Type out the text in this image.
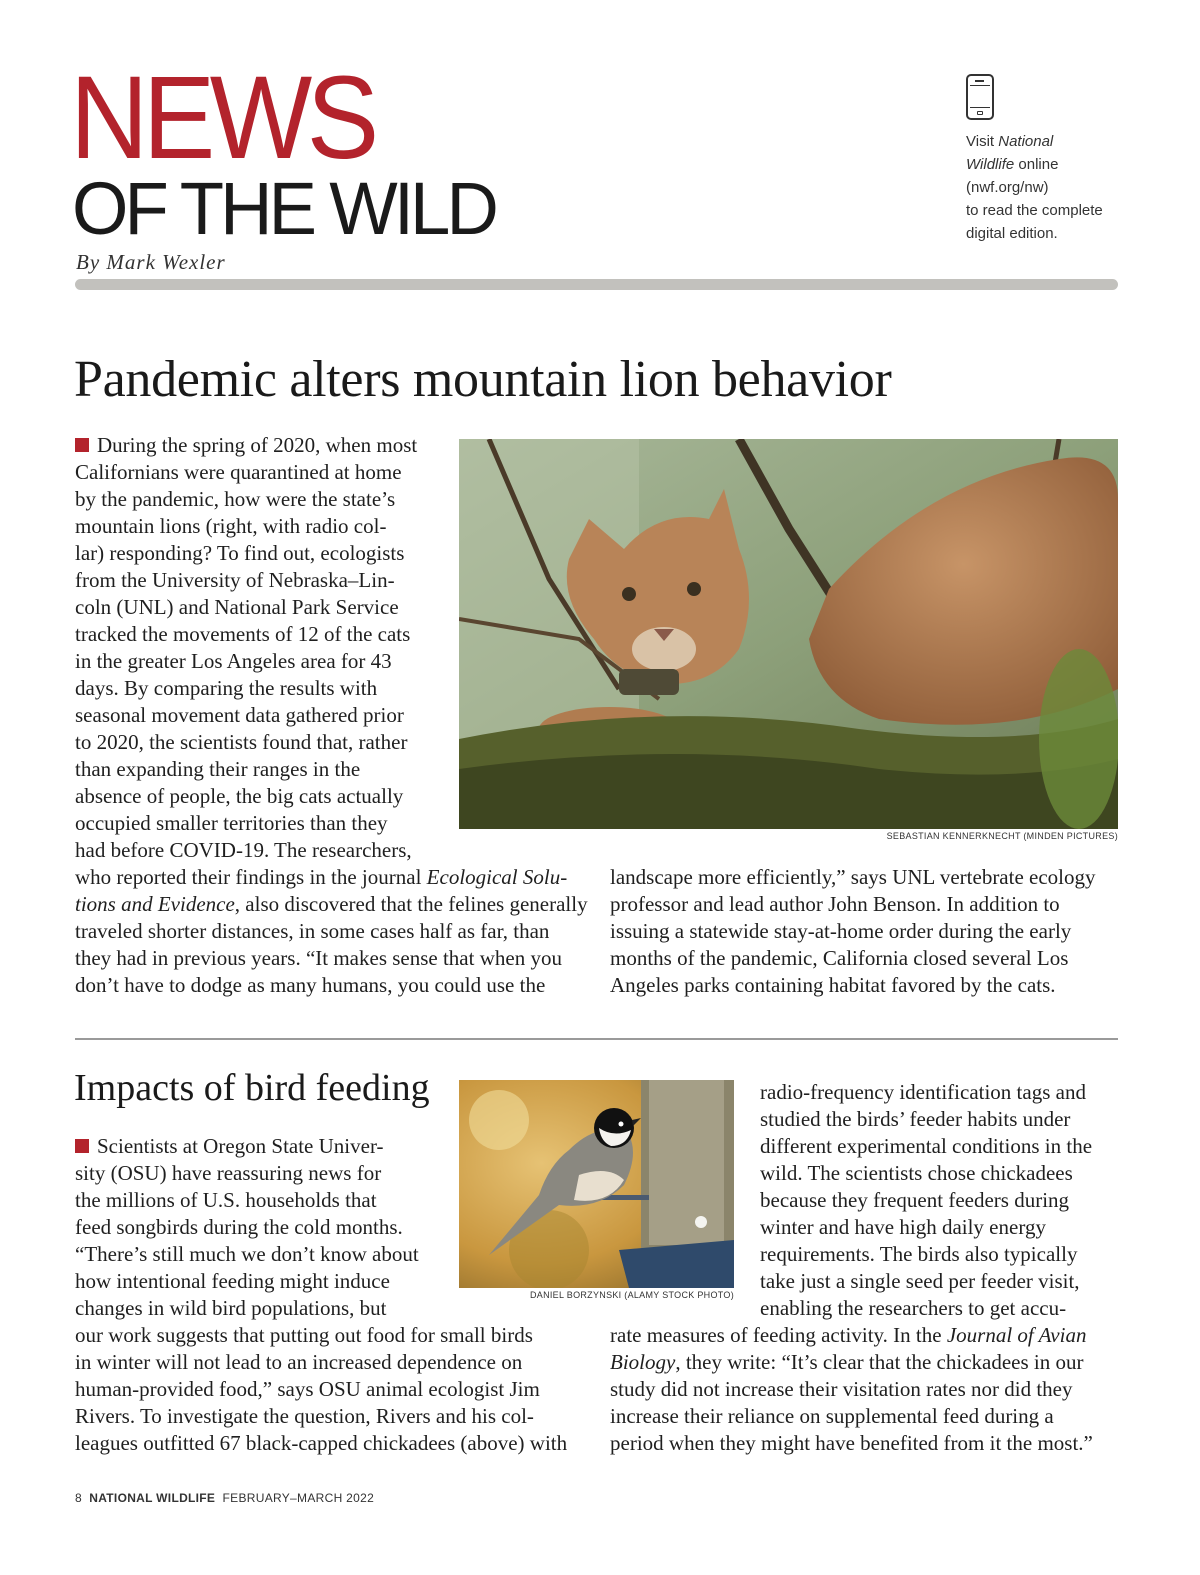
NEWS
OF THE WILD
By Mark Wexler
Visit National
Wildlife online
(nwf.org/nw)
to read the complete
digital edition.
Pandemic alters mountain lion behavior
During the spring of 2020, when most
Californians were quarantined at home
by the pandemic, how were the state’s
mountain lions (right, with radio col-
lar) responding? To find out, ecologists
from the University of Nebraska–Lin-
coln (UNL) and National Park Service
tracked the movements of 12 of the cats
in the greater Los Angeles area for 43
days. By comparing the results with
seasonal movement data gathered prior
to 2020, the scientists found that, rather
than expanding their ranges in the
absence of people, the big cats actually
occupied smaller territories than they
had before COVID-19. The researchers,
who reported their findings in the journal Ecological Solu-
tions and Evidence, also discovered that the felines generally
traveled shorter distances, in some cases half as far, than
they had in previous years. “It makes sense that when you
don’t have to dodge as many humans, you could use the
landscape more efficiently,” says UNL vertebrate ecology
professor and lead author John Benson. In addition to
issuing a statewide stay-at-home order during the early
months of the pandemic, California closed several Los
Angeles parks containing habitat favored by the cats.
SEBASTIAN KENNERKNECHT (MINDEN PICTURES)
Impacts of bird feeding
Scientists at Oregon State Univer-
sity (OSU) have reassuring news for
the millions of U.S. households that
feed songbirds during the cold months.
“There’s still much we don’t know about
how intentional feeding might induce
changes in wild bird populations, but
our work suggests that putting out food for small birds
in winter will not lead to an increased dependence on
human-provided food,” says OSU animal ecologist Jim
Rivers. To investigate the question, Rivers and his col-
leagues outfitted 67 black-capped chickadees (above) with
radio-frequency identification tags and
studied the birds’ feeder habits under
different experimental conditions in the
wild. The scientists chose chickadees
because they frequent feeders during
winter and have high daily energy
requirements. The birds also typically
take just a single seed per feeder visit,
enabling the researchers to get accu-
rate measures of feeding activity. In the Journal of Avian
Biology, they write: “It’s clear that the chickadees in our
study did not increase their visitation rates nor did they
increase their reliance on supplemental feed during a
period when they might have benefited from it the most.”
DANIEL BORZYNSKI (ALAMY STOCK PHOTO)
8 NATIONAL WILDLIFE FEBRUARY–MARCH 2022
